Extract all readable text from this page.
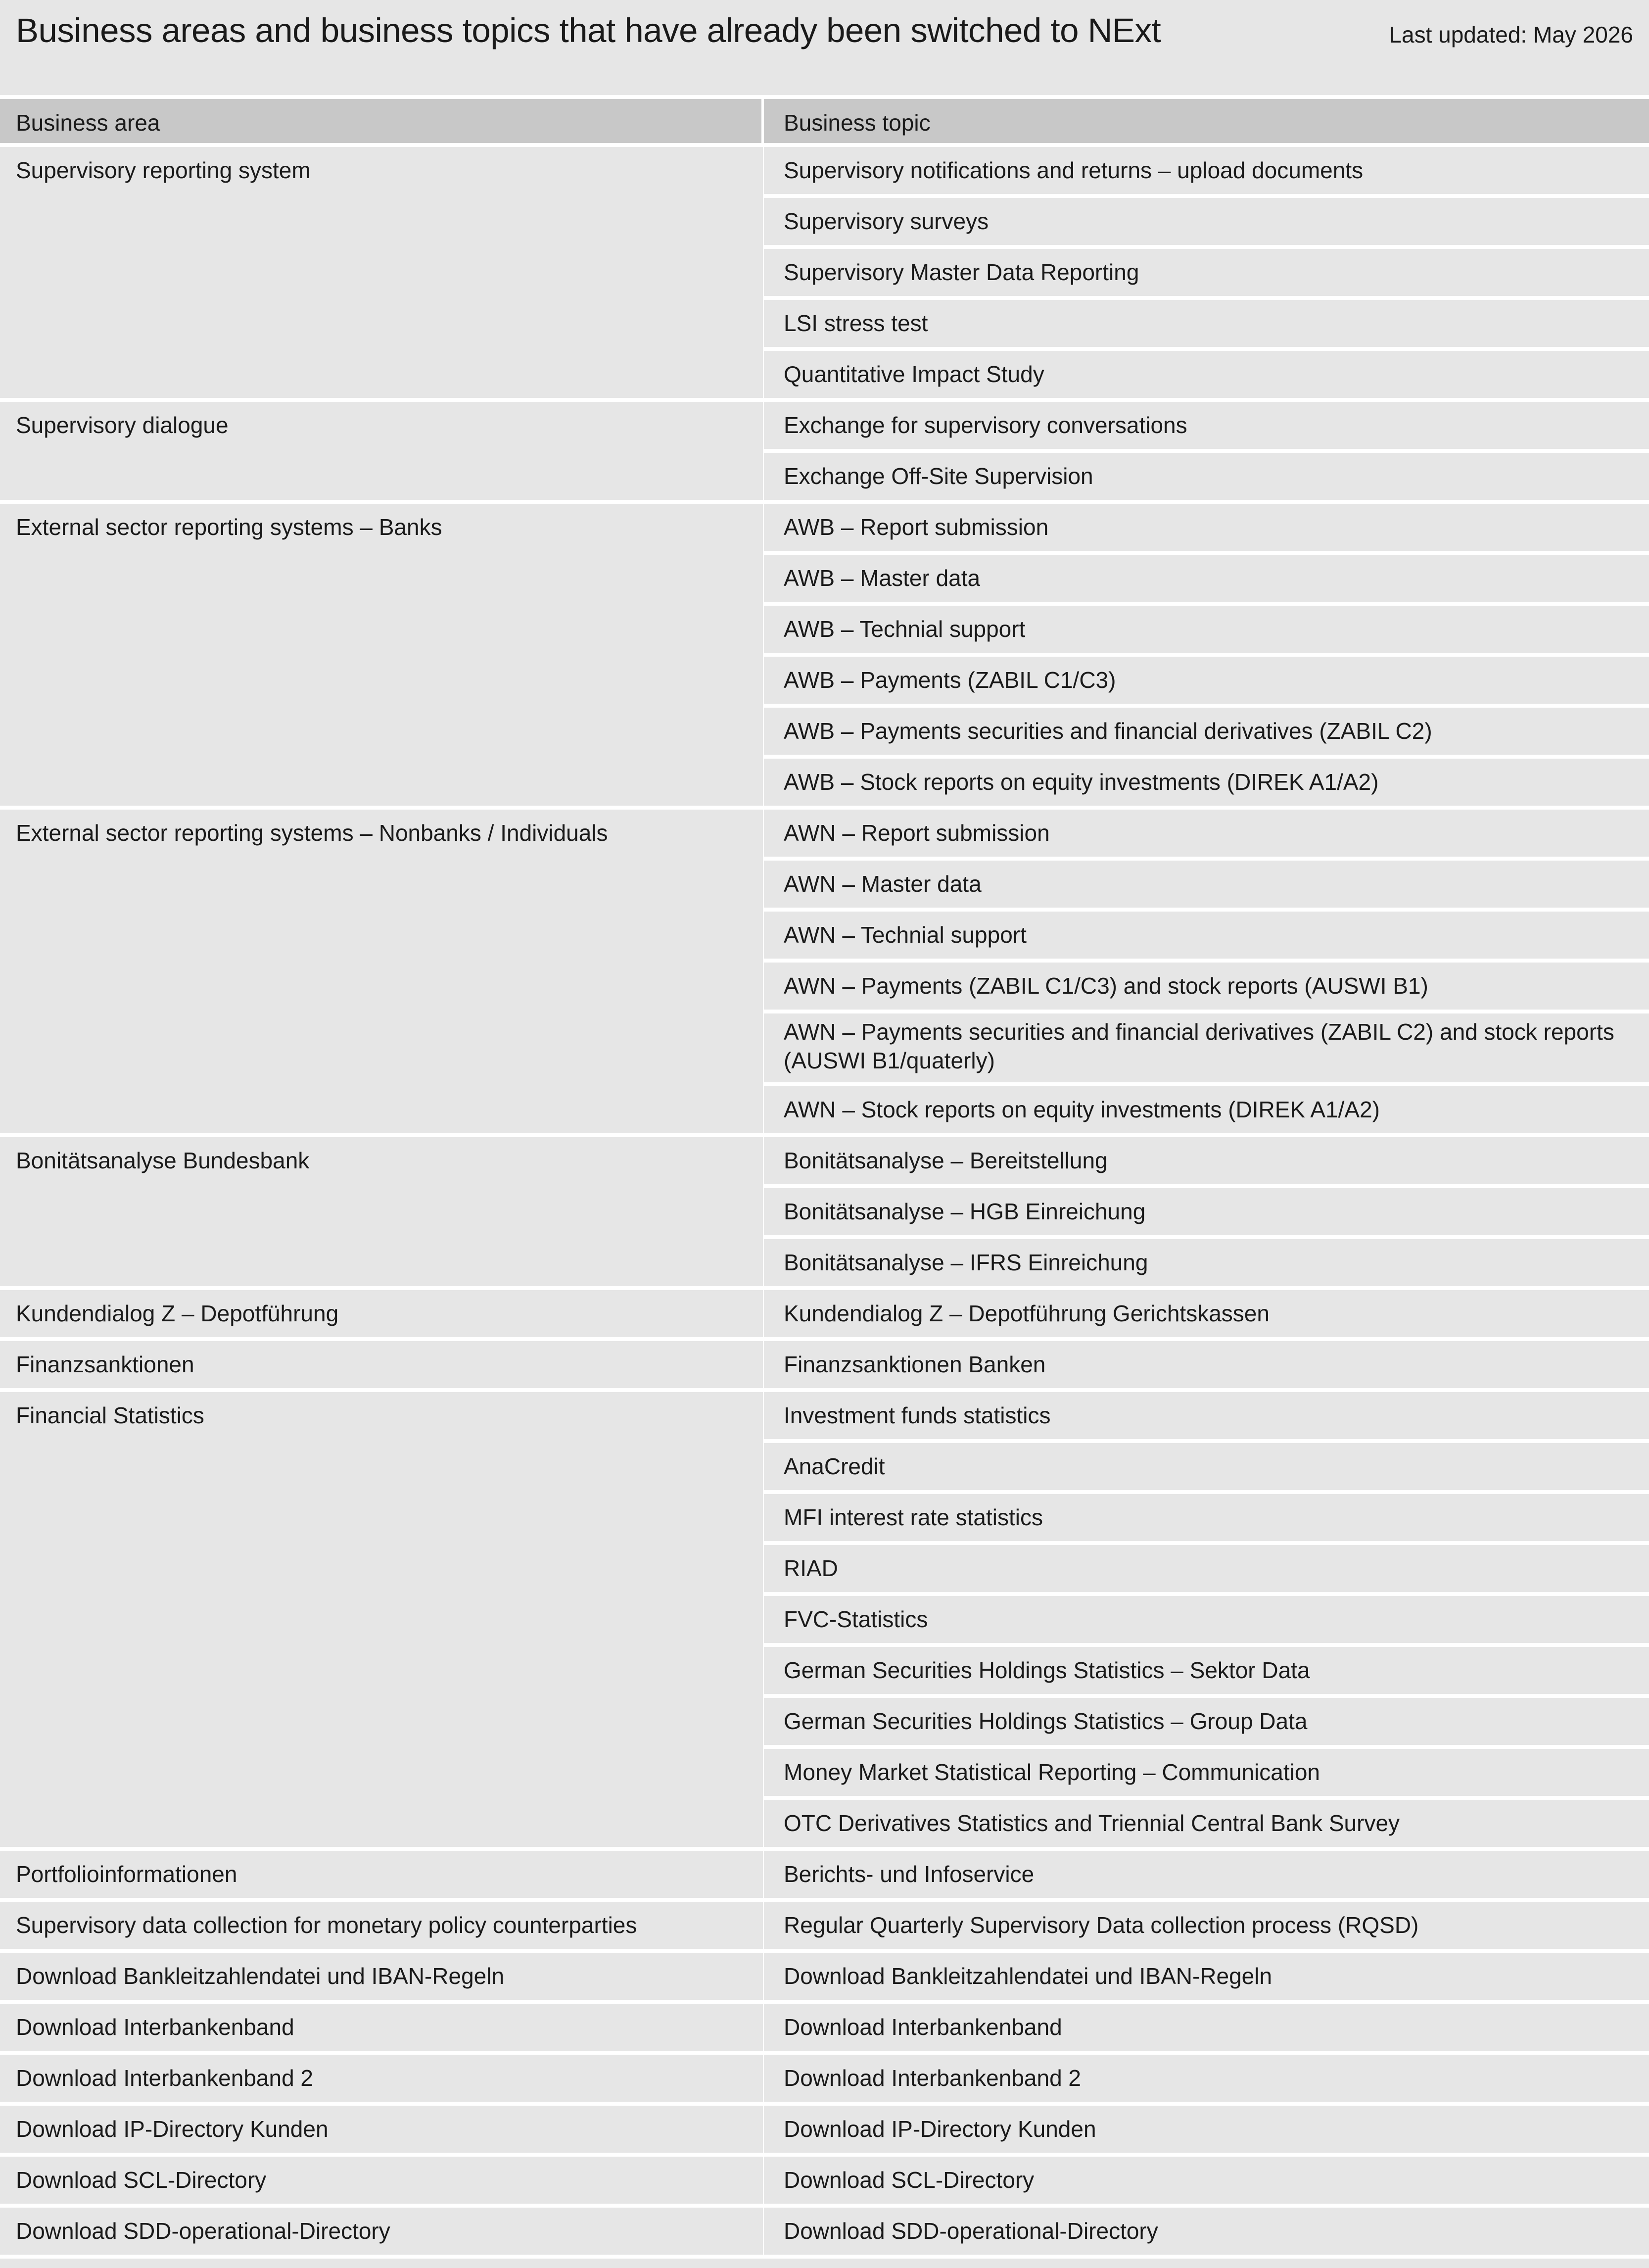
Business areas and business topics that have already been switched to NExt	Last updated: May 2026
Business area	Business topic
Supervisory reporting system	Supervisory notifications and returns – upload documents
Supervisory surveys
Supervisory Master Data Reporting
LSI stress test
Quantitative Impact Study
Supervisory dialogue	Exchange for supervisory conversations
Exchange Off-Site Supervision
External sector reporting systems – Banks	AWB – Report submission
AWB – Master data
AWB – Technial support
AWB – Payments (ZABIL C1/C3)
AWB – Payments securities and financial derivatives (ZABIL C2)
AWB – Stock reports on equity investments (DIREK A1/A2)
External sector reporting systems – Nonbanks / Individuals	AWN – Report submission
AWN – Master data
AWN – Technial support
AWN – Payments (ZABIL C1/C3) and stock reports (AUSWI B1)
AWN – Payments securities and financial derivatives (ZABIL C2) and stock reports (AUSWI B1/quaterly)
AWN – Stock reports on equity investments (DIREK A1/A2)
Bonitätsanalyse Bundesbank	Bonitätsanalyse – Bereitstellung
Bonitätsanalyse – HGB Einreichung
Bonitätsanalyse – IFRS Einreichung
Kundendialog Z – Depotführung	Kundendialog Z – Depotführung Gerichtskassen
Finanzsanktionen	Finanzsanktionen Banken
Financial Statistics	Investment funds statistics
AnaCredit
MFI interest rate statistics
RIAD
FVC-Statistics
German Securities Holdings Statistics – Sektor Data
German Securities Holdings Statistics – Group Data
Money Market Statistical Reporting – Communication
OTC Derivatives Statistics and Triennial Central Bank Survey
Portfolioinformationen	Berichts- und Infoservice
Supervisory data collection for monetary policy counterparties	Regular Quarterly Supervisory Data collection process (RQSD)
Download Bankleitzahlendatei und IBAN-Regeln	Download Bankleitzahlendatei und IBAN-Regeln
Download Interbankenband	Download Interbankenband
Download Interbankenband 2	Download Interbankenband 2
Download IP-Directory Kunden	Download IP-Directory Kunden
Download SCL-Directory	Download SCL-Directory
Download SDD-operational-Directory	Download SDD-operational-Directory
